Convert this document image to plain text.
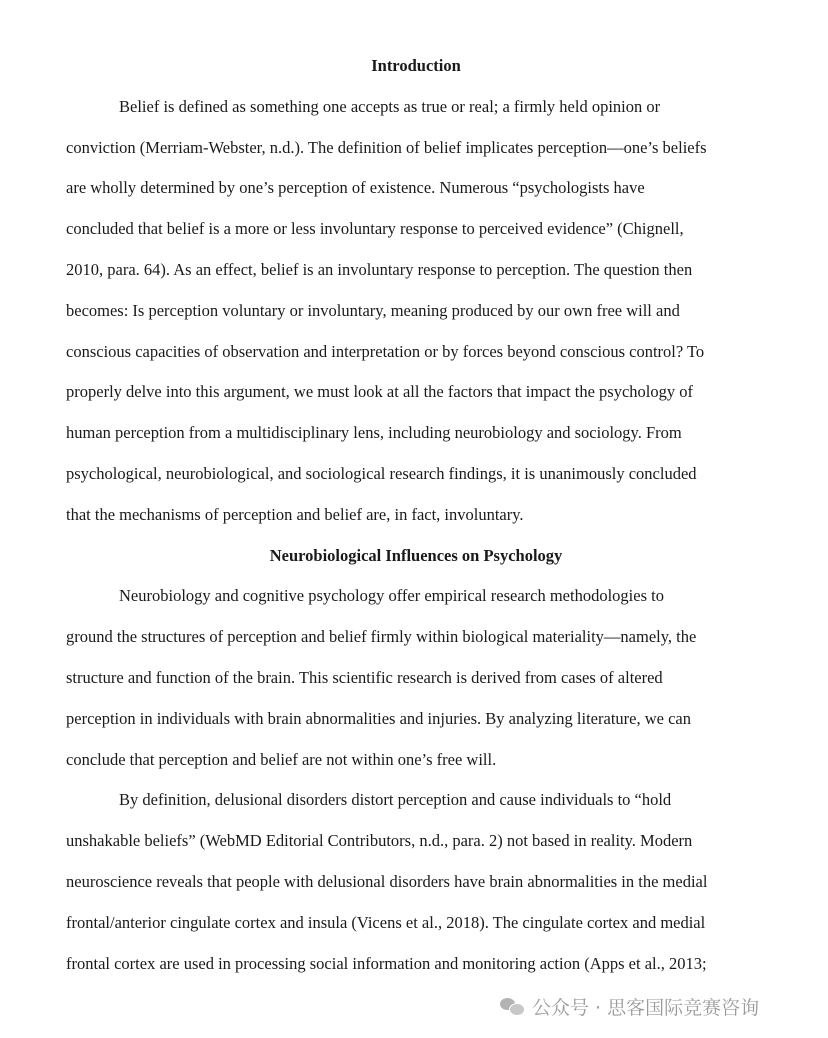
Introduction

Belief is defined as something one accepts as true or real; a firmly held opinion or
conviction (Merriam-Webster, n.d.). The definition of belief implicates perception—one’s beliefs
are wholly determined by one’s perception of existence. Numerous “psychologists have
concluded that belief is a more or less involuntary response to perceived evidence” (Chignell,
2010, para. 64). As an effect, belief is an involuntary response to perception. The question then
becomes: Is perception voluntary or involuntary, meaning produced by our own free will and
conscious capacities of observation and interpretation or by forces beyond conscious control? To
properly delve into this argument, we must look at all the factors that impact the psychology of
human perception from a multidisciplinary lens, including neurobiology and sociology. From
psychological, neurobiological, and sociological research findings, it is unanimously concluded
that the mechanisms of perception and belief are, in fact, involuntary.

Neurobiological Influences on Psychology

Neurobiology and cognitive psychology offer empirical research methodologies to
ground the structures of perception and belief firmly within biological materiality—namely, the
structure and function of the brain. This scientific research is derived from cases of altered
perception in individuals with brain abnormalities and injuries. By analyzing literature, we can
conclude that perception and belief are not within one’s free will.

By definition, delusional disorders distort perception and cause individuals to “hold
unshakable beliefs” (WebMD Editorial Contributors, n.d., para. 2) not based in reality. Modern
neuroscience reveals that people with delusional disorders have brain abnormalities in the medial
frontal/anterior cingulate cortex and insula (Vicens et al., 2018). The cingulate cortex and medial
frontal cortex are used in processing social information and monitoring action (Apps et al., 2013;

公众号 · 思客国际竞赛咨询
